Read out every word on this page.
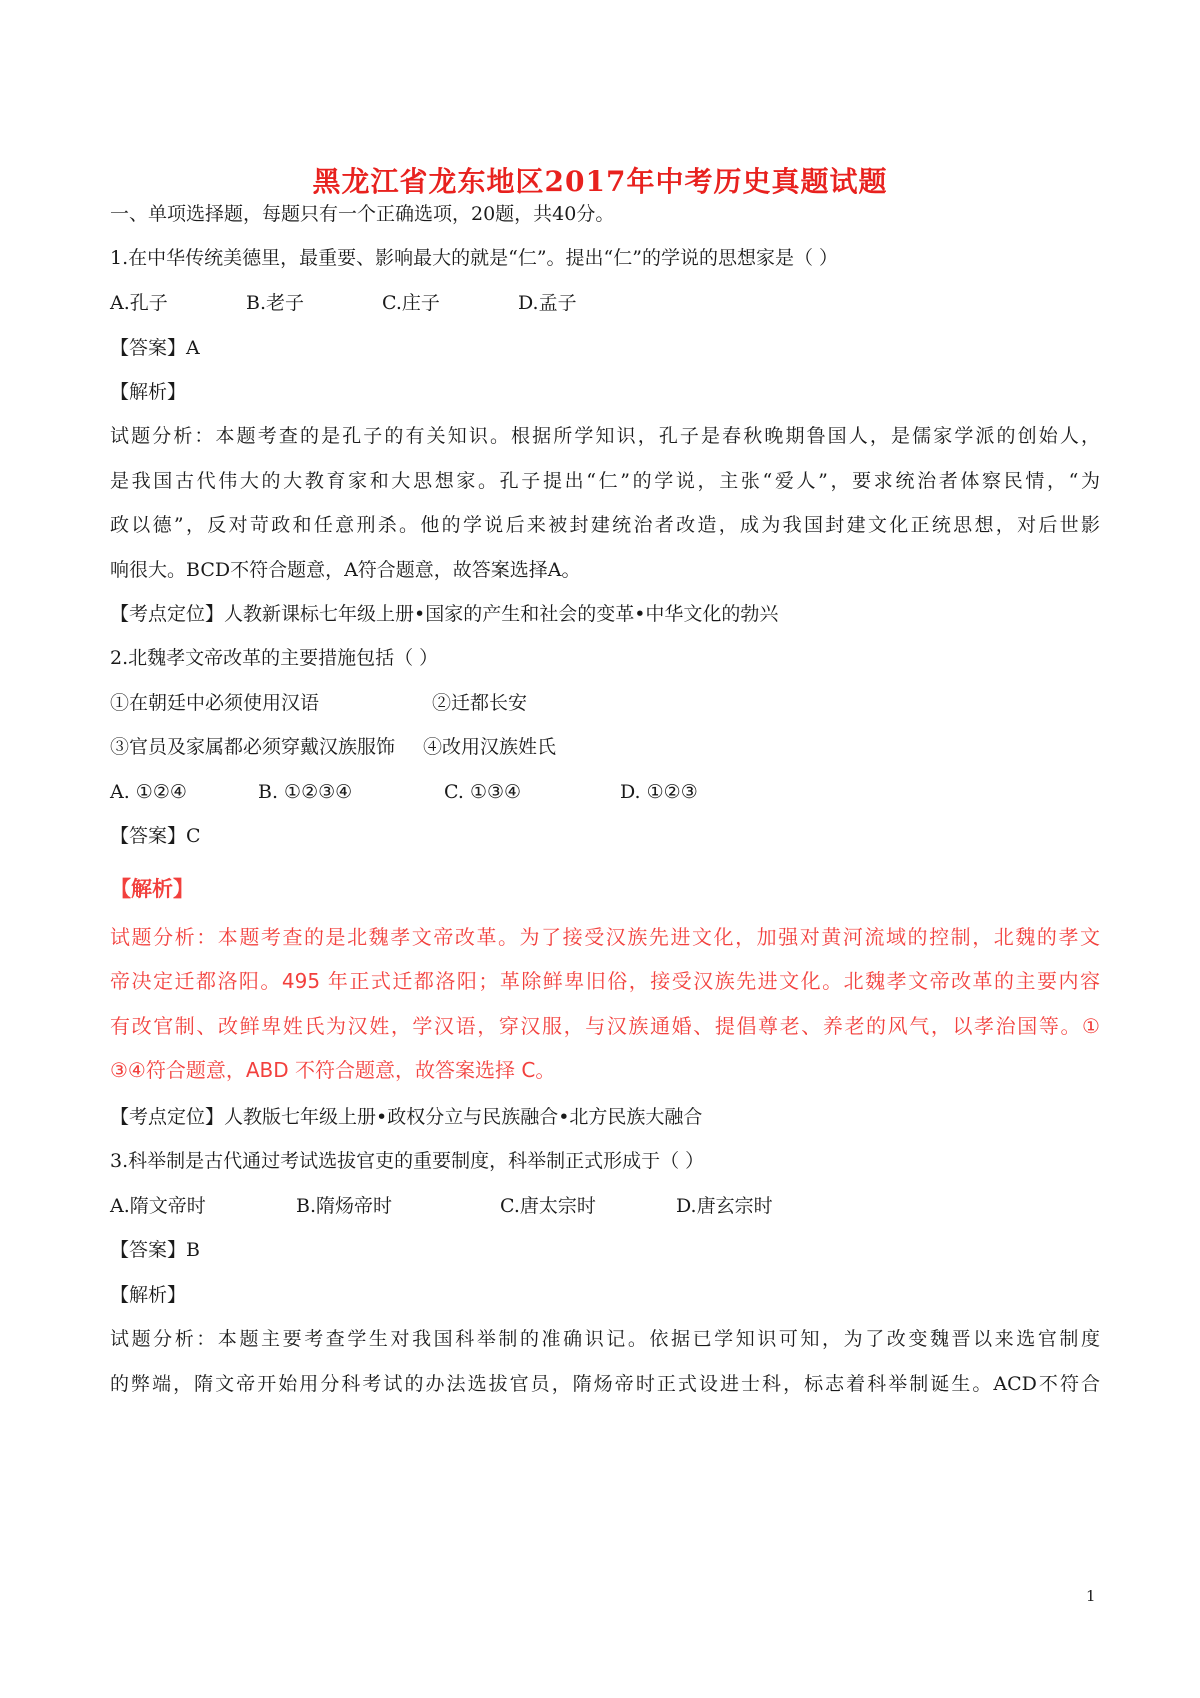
黑龙江省龙东地区2017年中考历史真题试题
一、单项选择题，每题只有一个正确选项，20题，共40分。
1.在中华传统美德里，最重要、影响最大的就是“仁”。提出“仁”的学说的思想家是（ ）
A.孔子	B.老子	C.庄子	D.孟子
【答案】A
【解析】
试题分析：本题考查的是孔子的有关知识。根据所学知识，孔子是春秋晚期鲁国人，是儒家学派的创始人，
是我国古代伟大的大教育家和大思想家。孔子提出“仁”的学说，主张“爱人”，要求统治者体察民情，“为
政以德”，反对苛政和任意刑杀。他的学说后来被封建统治者改造，成为我国封建文化正统思想，对后世影
响很大。BCD不符合题意，A符合题意，故答案选择A。
【考点定位】人教新课标七年级上册•国家的产生和社会的变革•中华文化的勃兴
2.北魏孝文帝改革的主要措施包括（ ）
①在朝廷中必须使用汉语	②迁都长安
③官员及家属都必须穿戴汉族服饰 ④改用汉族姓氏
A. ①②④	B. ①②③④	C. ①③④	D. ①②③
【答案】C
【解析】
试题分析：本题考查的是北魏孝文帝改革。为了接受汉族先进文化，加强对黄河流域的控制，北魏的孝文
帝决定迁都洛阳。495 年正式迁都洛阳；革除鲜卑旧俗，接受汉族先进文化。北魏孝文帝改革的主要内容
有改官制、改鲜卑姓氏为汉姓，学汉语，穿汉服，与汉族通婚、提倡尊老、养老的风气，以孝治国等。①
③④符合题意，ABD 不符合题意，故答案选择 C。
【考点定位】人教版七年级上册•政权分立与民族融合•北方民族大融合
3.科举制是古代通过考试选拔官吏的重要制度，科举制正式形成于（ ）
A.隋文帝时	B.隋炀帝时	C.唐太宗时	D.唐玄宗时
【答案】B
【解析】
试题分析：本题主要考查学生对我国科举制的准确识记。依据已学知识可知，为了改变魏晋以来选官制度
的弊端，隋文帝开始用分科考试的办法选拔官员，隋炀帝时正式设进士科，标志着科举制诞生。ACD不符合
1
